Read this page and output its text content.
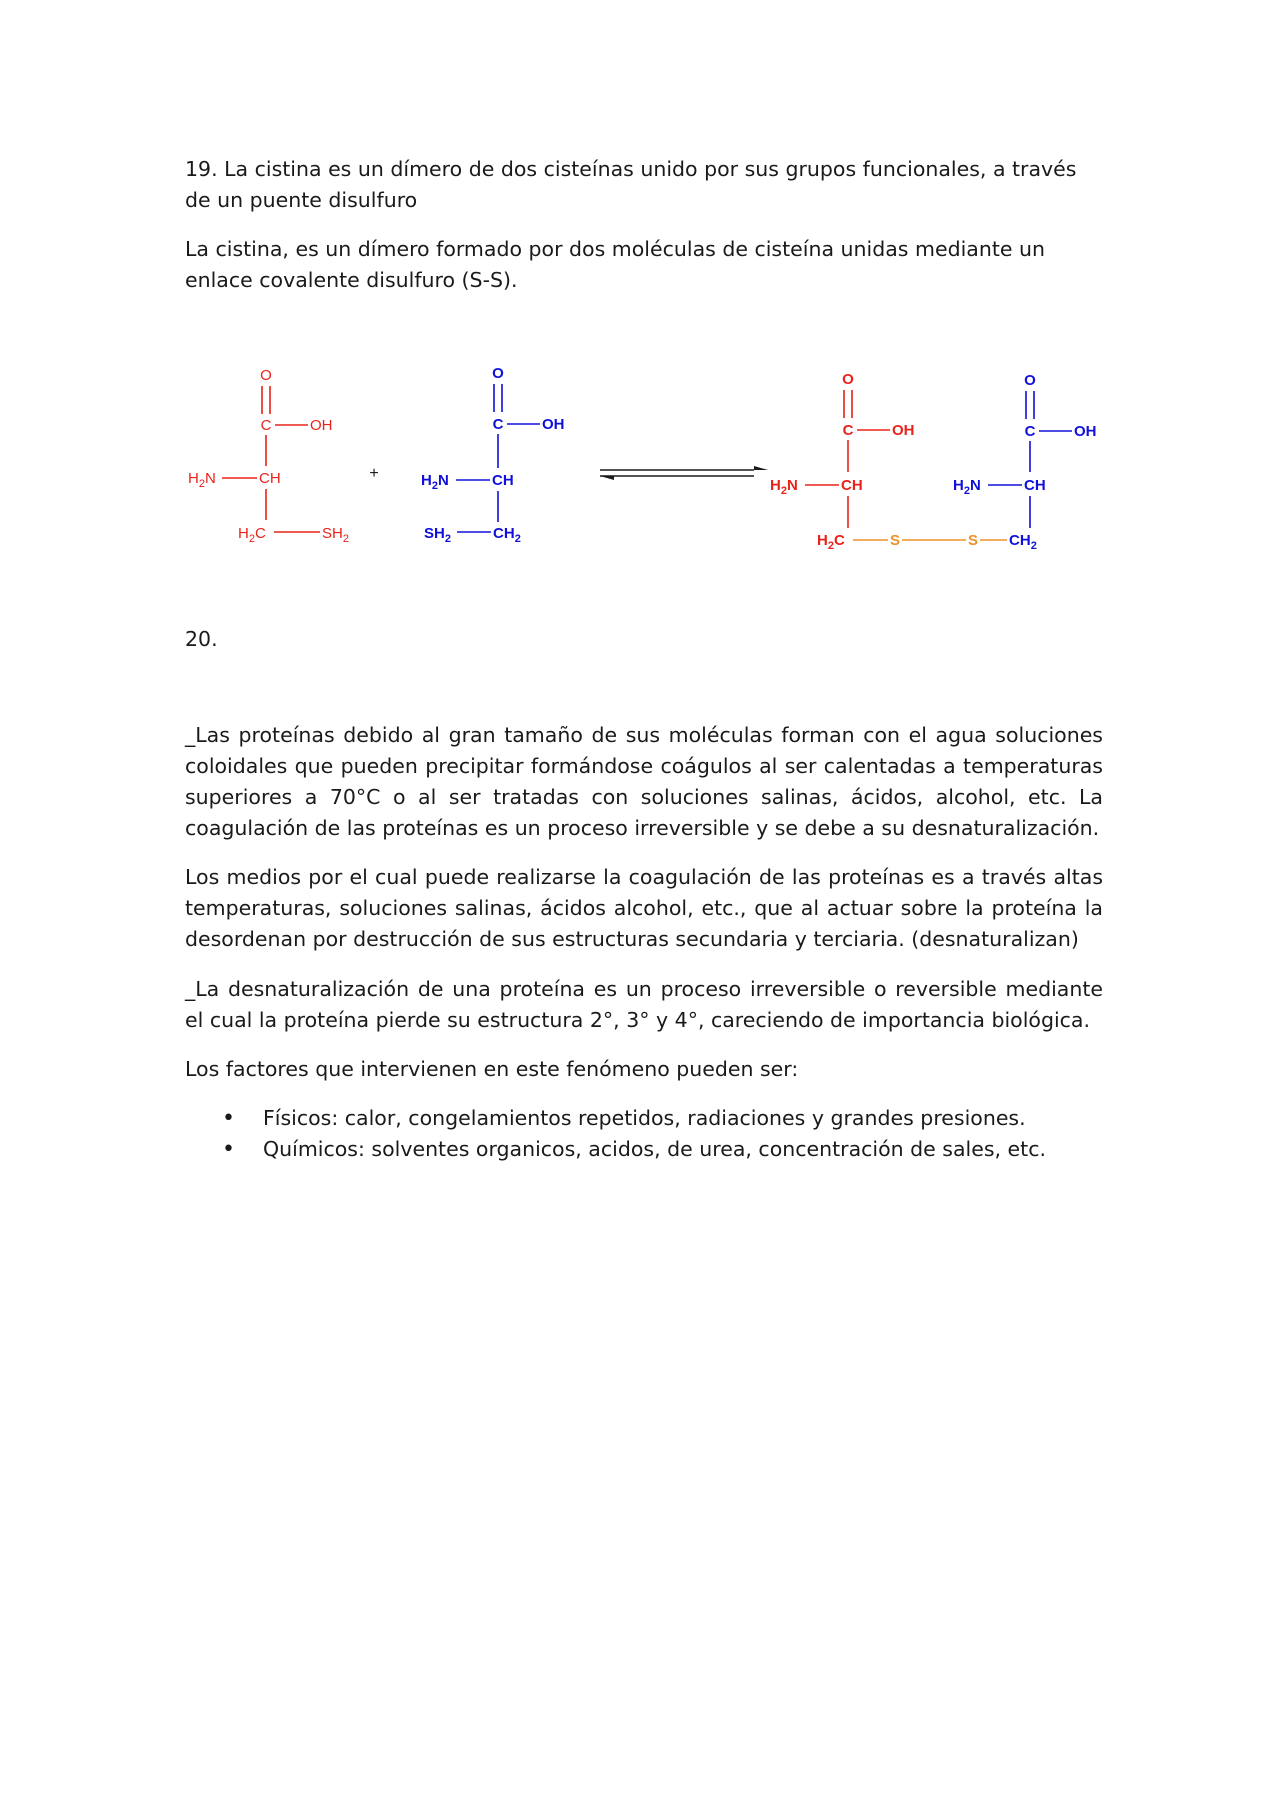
19. La cistina es un dímero de dos cisteínas unido por sus grupos funcionales, a través de un puente disulfuro

La cistina, es un dímero formado por dos moléculas de cisteína unidas mediante un enlace covalente disulfuro (S-S).

O
C	OH
$H_2N$	CH
$H_2C$	$SH_2$
+
O
C	OH
$H_2N$	CH
$SH_2$	$CH_2$
O
C	OH
$H_2N$	CH
$H_2C$	S	S
O
C	OH
$H_2N$	CH
$CH_2$

20.

_Las proteínas debido al gran tamaño de sus moléculas forman con el agua soluciones coloidales que pueden precipitar formándose coágulos al ser calentadas a temperaturas superiores a 70°C o al ser tratadas con soluciones salinas, ácidos, alcohol, etc. La coagulación de las proteínas es un proceso irreversible y se debe a su desnaturalización.

Los medios por el cual puede realizarse la coagulación de las proteínas es a través altas temperaturas, soluciones salinas, ácidos alcohol, etc., que al actuar sobre la proteína la desordenan por destrucción de sus estructuras secundaria y terciaria. (desnaturalizan)

_La desnaturalización de una proteína es un proceso irreversible o reversible mediante el cual la proteína pierde su estructura 2°, 3° y 4°, careciendo de importancia biológica.

Los factores que intervienen en este fenómeno pueden ser:

• Físicos: calor, congelamientos repetidos, radiaciones y grandes presiones.
• Químicos: solventes organicos, acidos, de urea, concentración de sales, etc.
